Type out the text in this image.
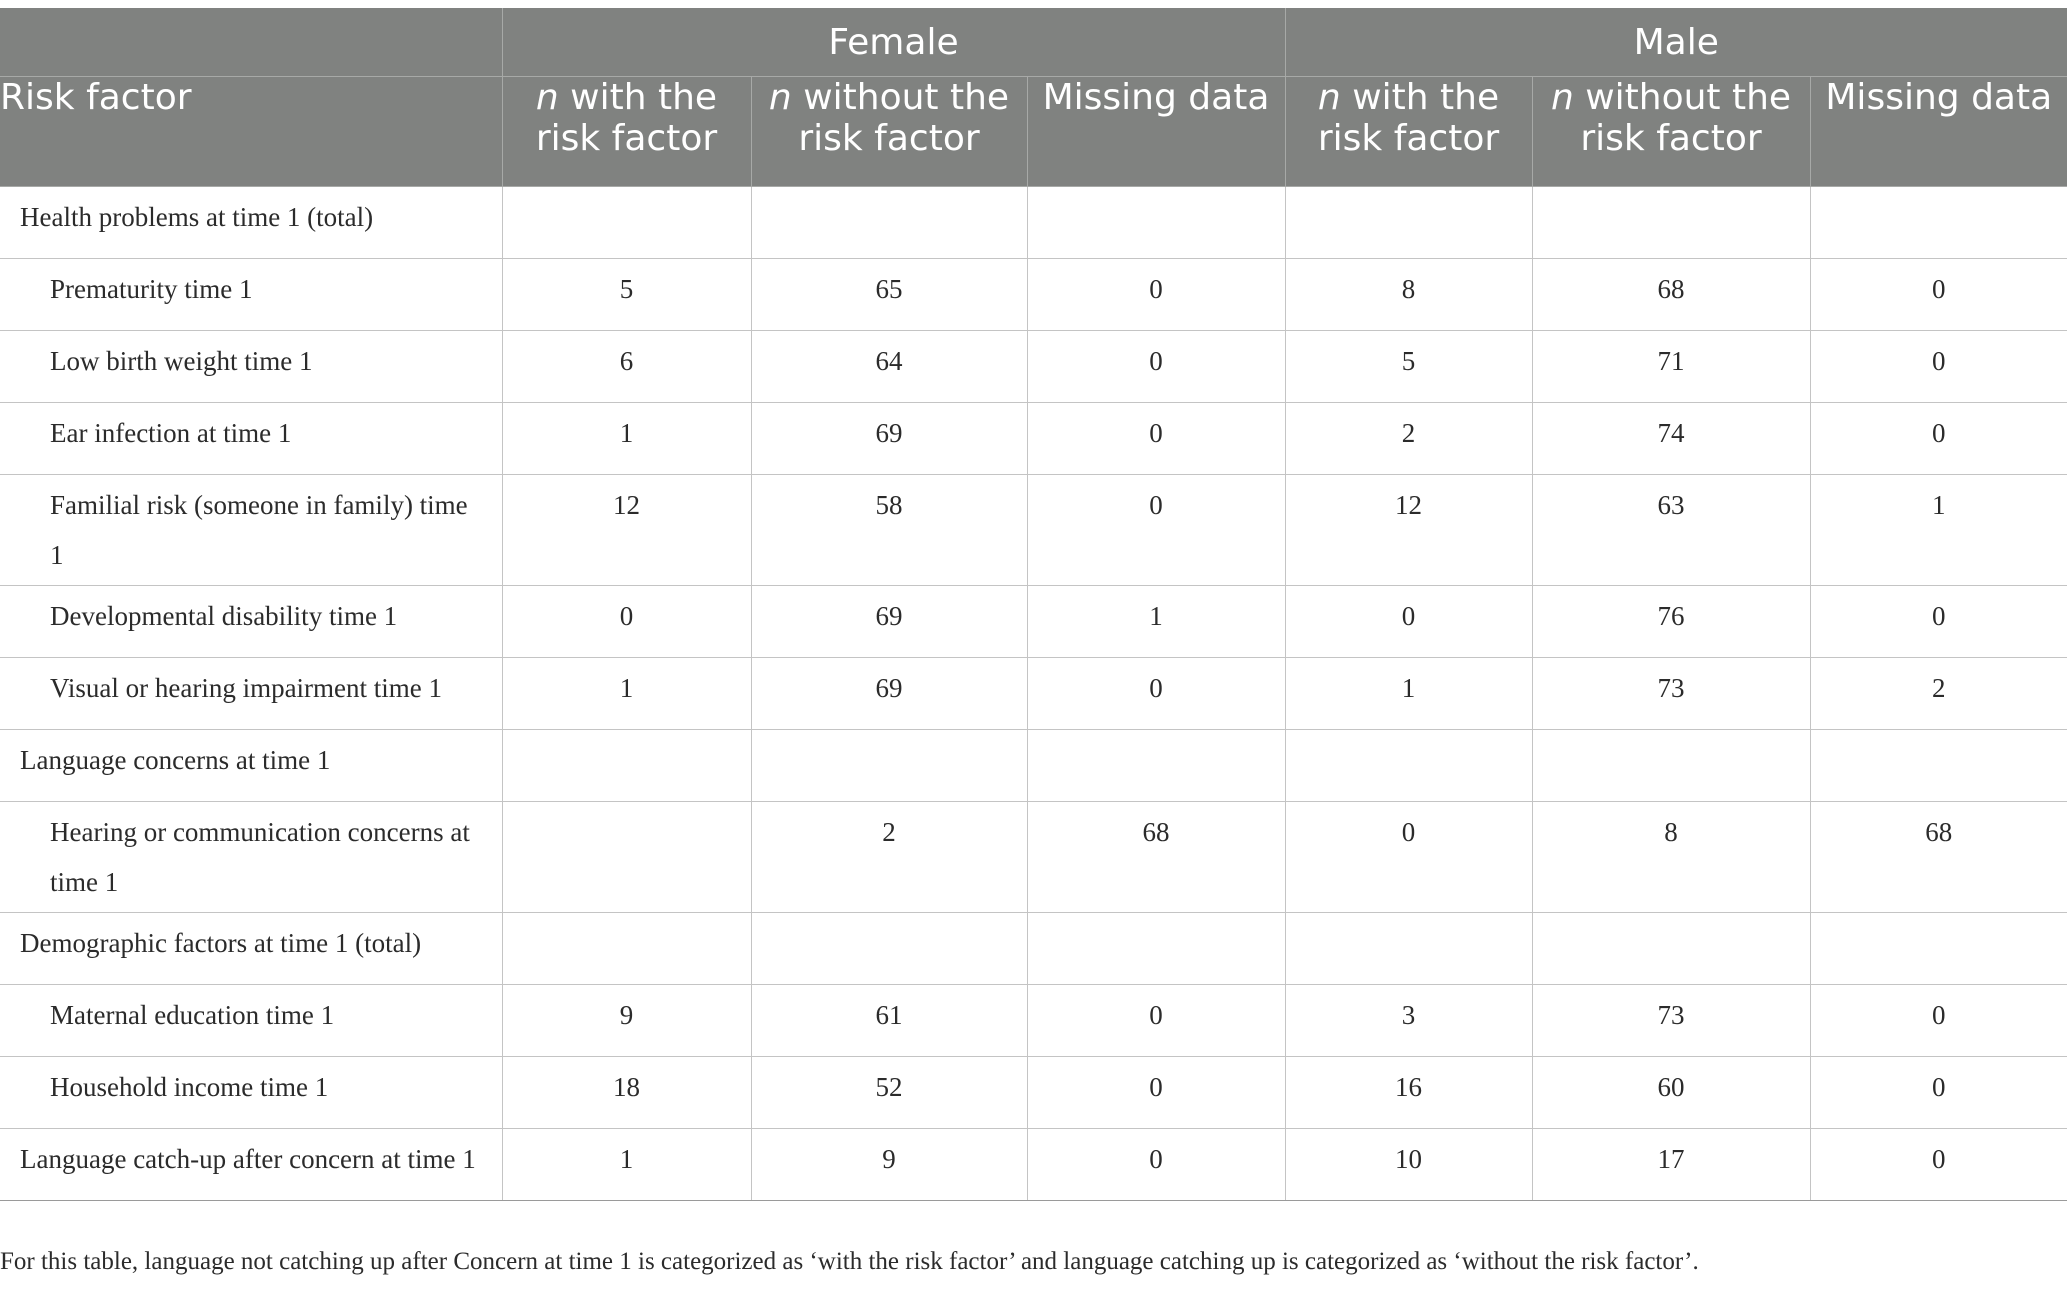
	Female			Male		
Risk factor	n with the risk factor	n without the risk factor	Missing data	n with the risk factor	n without the risk factor	Missing data
Health problems at time 1 (total)						
Prematurity time 1	5	65	0	8	68	0
Low birth weight time 1	6	64	0	5	71	0
Ear infection at time 1	1	69	0	2	74	0
Familial risk (someone in family) time 1	12	58	0	12	63	1
Developmental disability time 1	0	69	1	0	76	0
Visual or hearing impairment time 1	1	69	0	1	73	2
Language concerns at time 1						
Hearing or communication concerns at time 1		2	68	0	8	68
Demographic factors at time 1 (total)						
Maternal education time 1	9	61	0	3	73	0
Household income time 1	18	52	0	16	60	0
Language catch-up after concern at time 1	1	9	0	10	17	0

For this table, language not catching up after Concern at time 1 is categorized as ‘with the risk factor’ and language catching up is categorized as ‘without the risk factor’.
